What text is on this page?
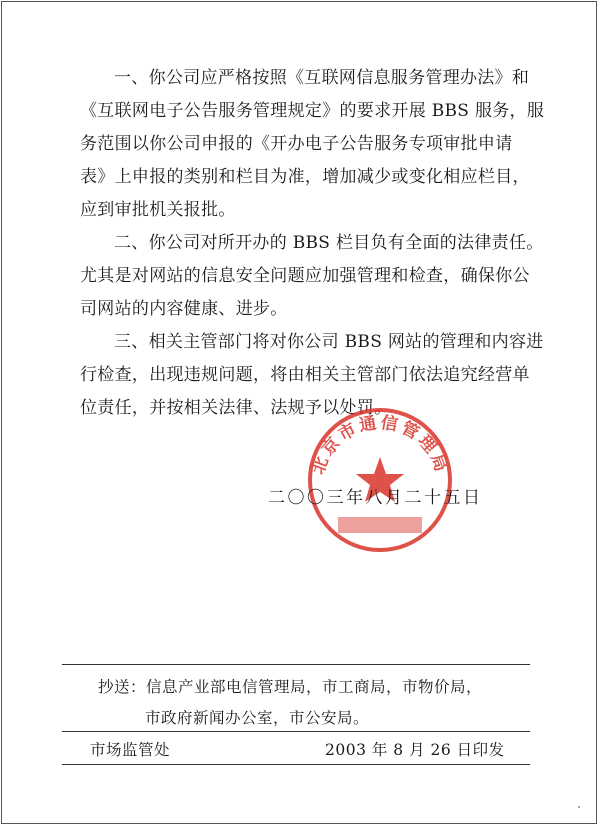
一、你公司应严格按照《互联网信息服务管理办法》和
《互联网电子公告服务管理规定》的要求开展 BBS 服务，服
务范围以你公司申报的《开办电子公告服务专项审批申请
表》上申报的类别和栏目为准，增加减少或变化相应栏目，
应到审批机关报批。
二、你公司对所开办的 BBS 栏目负有全面的法律责任。
尤其是对网站的信息安全问题应加强管理和检查，确保你公
司网站的内容健康、进步。
三、相关主管部门将对你公司 BBS 网站的管理和内容进
行检查，出现违规问题，将由相关主管部门依法追究经营单
位责任，并按相关法律、法规予以处罚。
北京市通信管理局
二〇〇三年八月二十五日
抄送：信息产业部电信管理局，市工商局，市物价局，
市政府新闻办公室，市公安局。
市场监管处	2003 年 8 月 26 日印发
